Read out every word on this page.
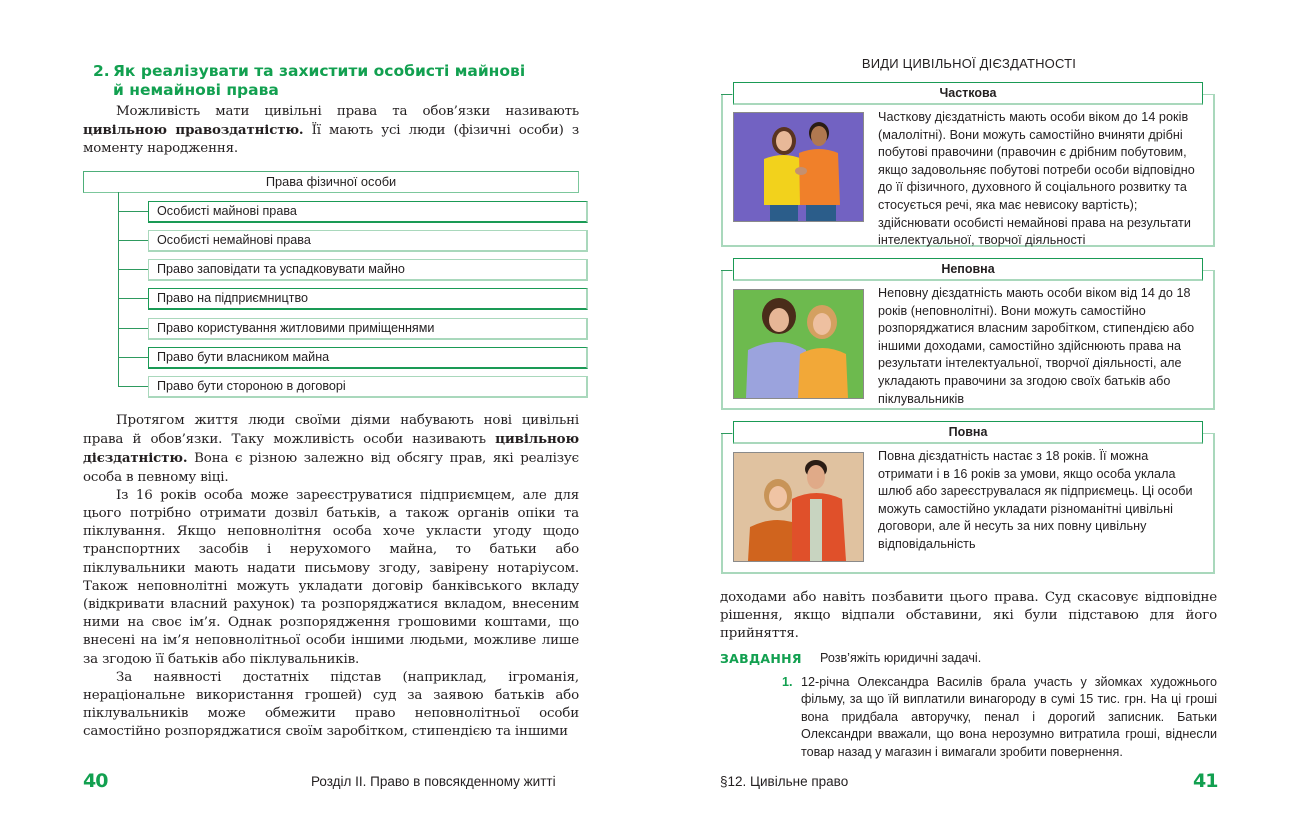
2. Як реалізувати та захистити особисті майнові
й немайнові права

Можливість мати цивільні права та обов’язки називають цивільною правоздатністю. Її мають усі люди (фізичні особи) з моменту народження.

Права фізичної особи
Особисті майнові права
Особисті немайнові права
Право заповідати та успадковувати майно
Право на підприємництво
Право користування житловими приміщеннями
Право бути власником майна
Право бути стороною в договорі

Протягом життя люди своїми діями набувають нові цивільні права й обов’язки. Таку можливість особи називають цивільною дієздатністю. Вона є різною залежно від обсягу прав, які реалізує особа в певному віці.

Із 16 років особа може зареєструватися підприємцем, але для цього потрібно отримати дозвіл батьків, а також органів опіки та піклування. Якщо неповнолітня особа хоче укласти угоду щодо транспортних засобів і нерухомого майна, то батьки або піклувальники мають надати письмову згоду, завірену нотаріусом. Також неповнолітні можуть укладати договір банківського вкладу (відкривати власний рахунок) та розпоряджатися вкладом, внесеним ними на своє ім’я. Однак розпорядження грошовими коштами, що внесені на ім’я неповнолітньої особи іншими людьми, можливе лише за згодою її батьків або піклувальників.

За наявності достатніх підстав (наприклад, ігроманія, нераціональне використання грошей) суд за заявою батьків або піклувальників може обмежити право неповнолітньої особи самостійно розпоряджатися своїм заробітком, стипендією та іншими

40	Розділ ІІ. Право в повсякденному житті
ВИДИ ЦИВІЛЬНОЇ ДІЄЗДАТНОСТІ
Часткова
Часткову дієздатність мають особи віком до 14 років (малолітні). Вони можуть самостійно вчиняти дрібні побутові правочини (правочин є дрібним побутовим, якщо задовольняє побутові потреби особи відповідно до її фізичного, духовного й соціального розвитку та стосується речі, яка має невисоку вартість); здійснювати особисті немайнові права на результати інтелектуальної, творчої діяльності
Неповна
Неповну дієздатність мають особи віком від 14 до 18 років (неповнолітні). Вони можуть самостійно розпоряджатися власним заробітком, стипендією або іншими доходами, самостійно здійснюють права на результати інтелектуальної, творчої діяльності, але укладають правочини за згодою своїх батьків або піклувальників
Повна
Повна дієздатність настає з 18 років. Її можна отримати і в 16 років за умови, якщо особа уклала шлюб або зареєструвалася як підприємець. Ці особи можуть самостійно укладати різноманітні цивільні договори, але й несуть за них повну цивільну відповідальність

доходами або навіть позбавити цього права. Суд скасовує відповідне рішення, якщо відпали обставини, які були підставою для його прийняття.

ЗАВДАННЯ Розв’яжіть юридичні задачі.
1. 12-річна Олександра Василів брала участь у зйомках художнього фільму, за що їй виплатили винагороду в сумі 15 тис. грн. На ці гроші вона придбала авторучку, пенал і дорогий записник. Батьки Олександри вважали, що вона нерозумно витратила гроші, віднесли товар назад у магазин і вимагали зробити повернення.
§12. Цивільне право	41
